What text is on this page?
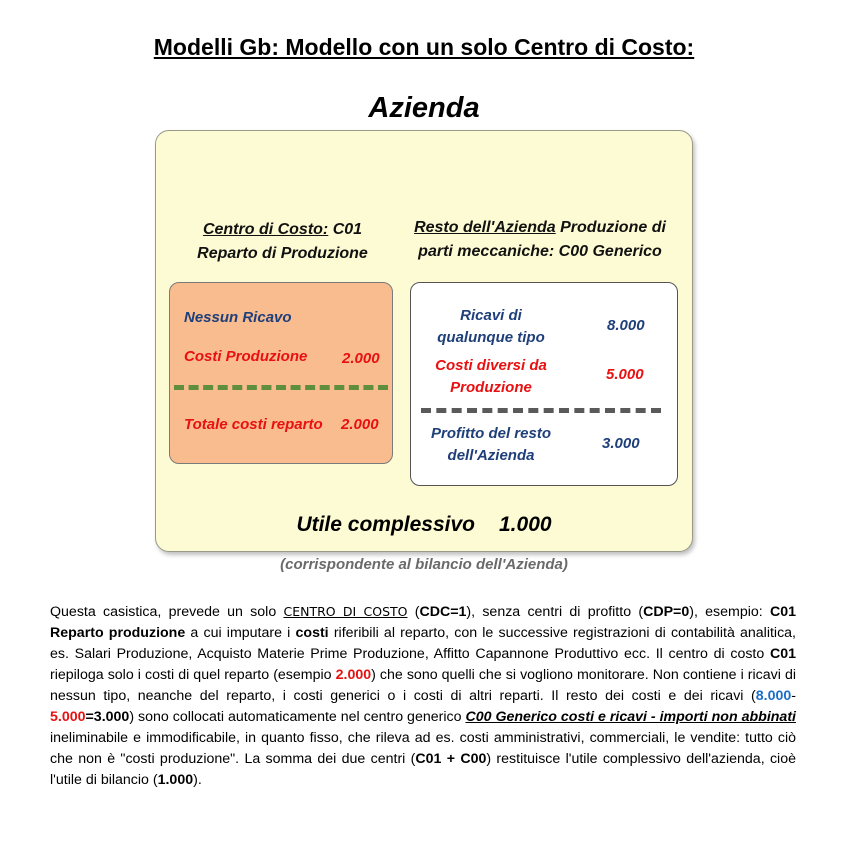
Modelli Gb: Modello con un solo Centro di Costo:
Azienda
Centro di Costo: C01
Reparto di Produzione
Resto dell'Azienda Produzione di
parti meccaniche: C00 Generico
Nessun Ricavo
Costi Produzione 2.000
Totale costi reparto 2.000
Ricavi di
qualunque tipo
8.000
Costi diversi da
Produzione
5.000
Profitto del resto
dell'Azienda
3.000
Utile complessivo 1.000
(corrispondente al bilancio dell'Azienda)
Questa casistica, prevede un solo CENTRO DI COSTO (CDC=1), senza centri di profitto (CDP=0), esempio: C01 Reparto produzione a cui imputare i costi riferibili al reparto, con le successive registrazioni di contabilità analitica, es. Salari Produzione, Acquisto Materie Prime Produzione, Affitto Capannone Produttivo ecc. Il centro di costo C01 riepiloga solo i costi di quel reparto (esempio 2.000) che sono quelli che si vogliono monitorare. Non contiene i ricavi di nessun tipo, neanche del reparto, i costi generici o i costi di altri reparti. Il resto dei costi e dei ricavi (8.000-5.000=3.000) sono collocati automaticamente nel centro generico C00 Generico costi e ricavi - importi non abbinati ineliminabile e immodificabile, in quanto fisso, che rileva ad es. costi amministrativi, commerciali, le vendite: tutto ciò che non è "costi produzione". La somma dei due centri (C01 + C00) restituisce l'utile complessivo dell'azienda, cioè l'utile di bilancio (1.000).
